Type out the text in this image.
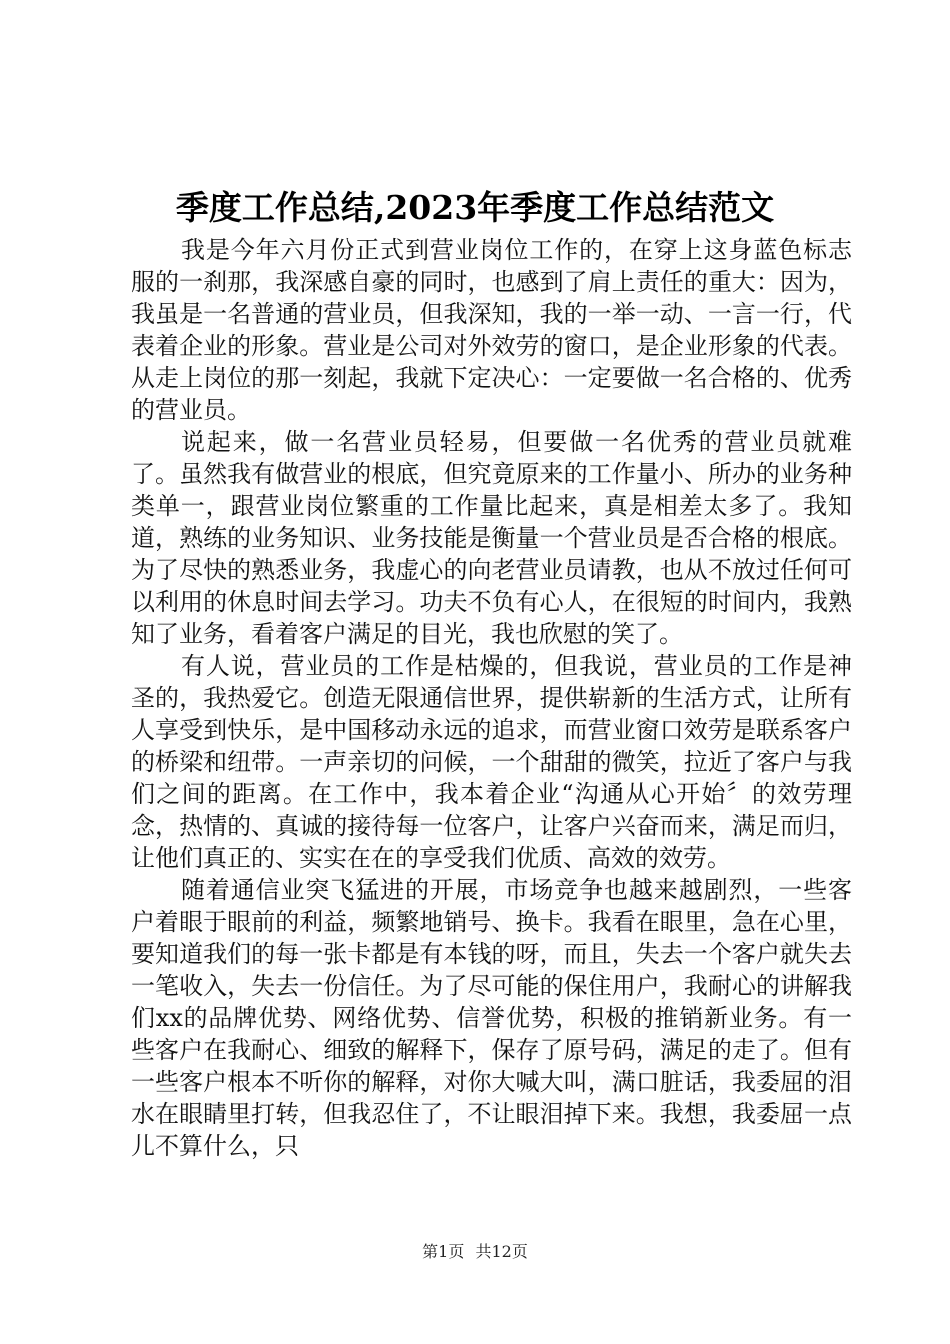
季度工作总结,2023年季度工作总结范文

我是今年六月份正式到营业岗位工作的，在穿上这身蓝色标志服的一刹那，我深感自豪的同时，也感到了肩上责任的重大：因为，我虽是一名普通的营业员，但我深知，我的一举一动、一言一行，代表着企业的形象。营业是公司对外效劳的窗口，是企业形象的代表。从走上岗位的那一刻起，我就下定决心：一定要做一名合格的、优秀的营业员。

说起来，做一名营业员轻易，但要做一名优秀的营业员就难了。虽然我有做营业的根底，但究竟原来的工作量小、所办的业务种类单一，跟营业岗位繁重的工作量比起来，真是相差太多了。我知道，熟练的业务知识、业务技能是衡量一个营业员是否合格的根底。为了尽快的熟悉业务，我虚心的向老营业员请教，也从不放过任何可以利用的休息时间去学习。功夫不负有心人，在很短的时间内，我熟知了业务，看着客户满足的目光，我也欣慰的笑了。

有人说，营业员的工作是枯燥的，但我说，营业员的工作是神圣的，我热爱它。创造无限通信世界，提供崭新的生活方式，让所有人享受到快乐，是中国移动永远的追求，而营业窗口效劳是联系客户的桥梁和纽带。一声亲切的问候，一个甜甜的微笑，拉近了客户与我们之间的距离。在工作中，我本着企业“沟通从心开始〞的效劳理念，热情的、真诚的接待每一位客户，让客户兴奋而来，满足而归，让他们真正的、实实在在的享受我们优质、高效的效劳。

随着通信业突飞猛进的开展，市场竞争也越来越剧烈，一些客户着眼于眼前的利益，频繁地销号、换卡。我看在眼里，急在心里，要知道我们的每一张卡都是有本钱的呀，而且，失去一个客户就失去一笔收入，失去一份信任。为了尽可能的保住用户，我耐心的讲解我们xx的品牌优势、网络优势、信誉优势，积极的推销新业务。有一些客户在我耐心、细致的解释下，保存了原号码，满足的走了。但有一些客户根本不听你的解释，对你大喊大叫，满口脏话，我委屈的泪水在眼睛里打转，但我忍住了，不让眼泪掉下来。我想，我委屈一点儿不算什么，只

第1页 共12页
